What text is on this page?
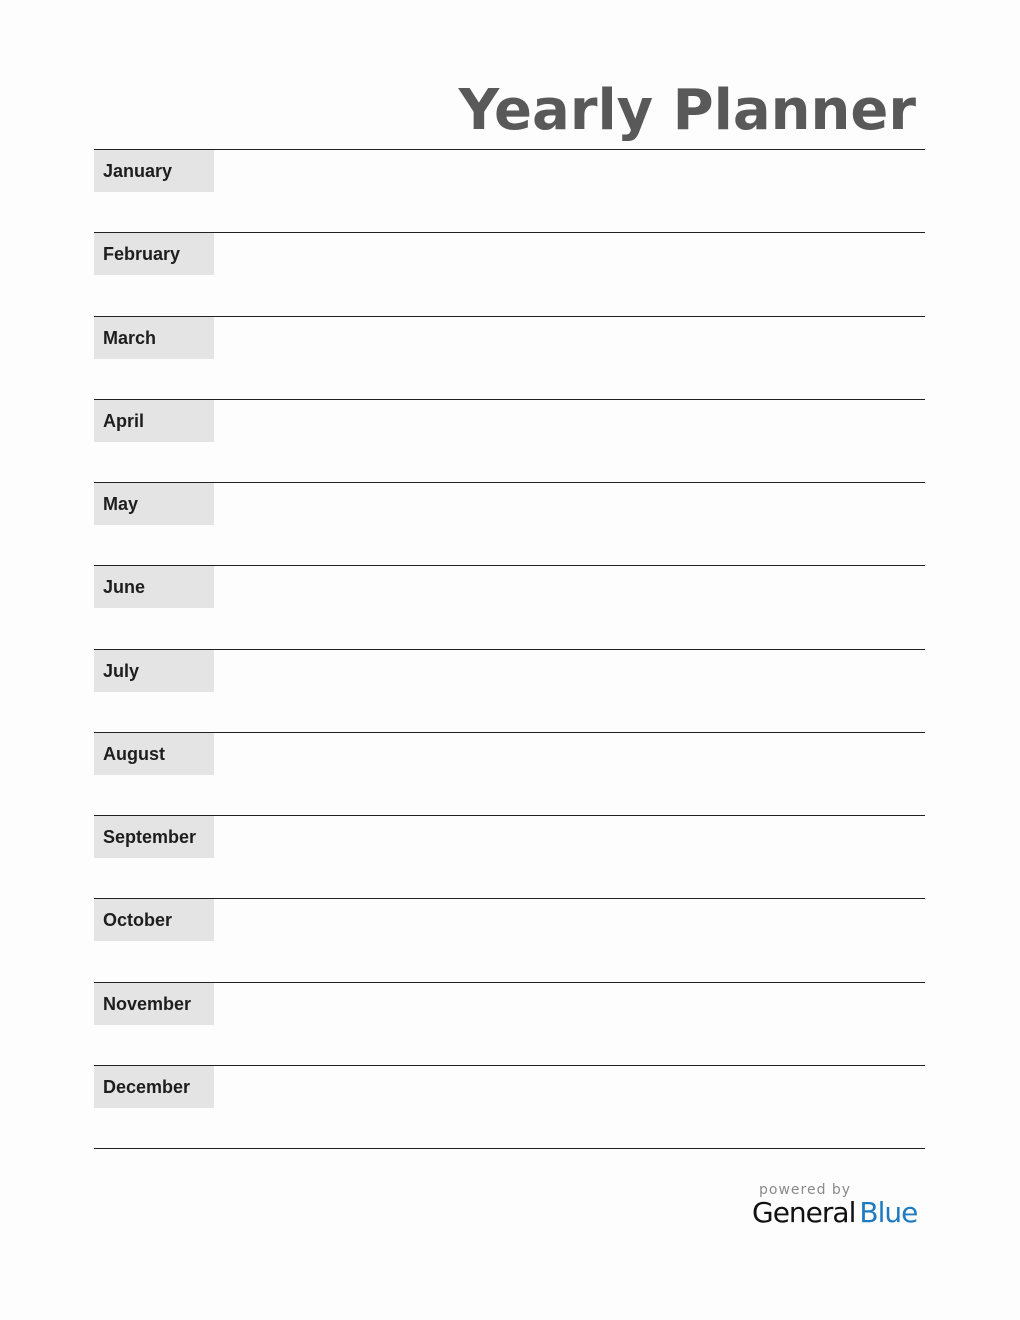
Yearly Planner
January
February
March
April
May
June
July
August
September
October
November
December
powered by
General Blue
